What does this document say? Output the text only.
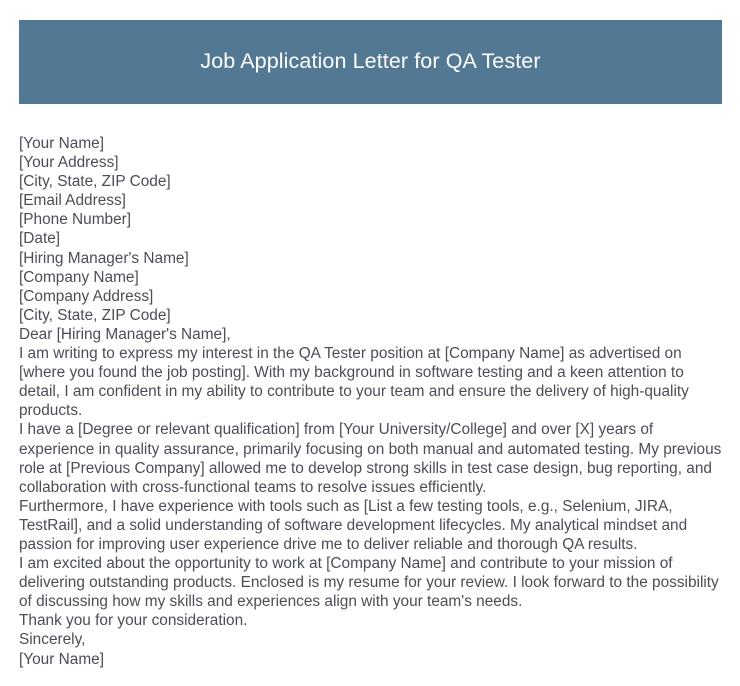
Job Application Letter for QA Tester
[Your Name]
[Your Address]
[City, State, ZIP Code]
[Email Address]
[Phone Number]
[Date]
[Hiring Manager's Name]
[Company Name]
[Company Address]
[City, State, ZIP Code]
Dear [Hiring Manager's Name],

I am writing to express my interest in the QA Tester position at [Company Name] as advertised on [where you found the job posting]. With my background in software testing and a keen attention to detail, I am confident in my ability to contribute to your team and ensure the delivery of high-quality products.

I have a [Degree or relevant qualification] from [Your University/College] and over [X] years of experience in quality assurance, primarily focusing on both manual and automated testing. My previous role at [Previous Company] allowed me to develop strong skills in test case design, bug reporting, and collaboration with cross-functional teams to resolve issues efficiently.

Furthermore, I have experience with tools such as [List a few testing tools, e.g., Selenium, JIRA, TestRail], and a solid understanding of software development lifecycles. My analytical mindset and passion for improving user experience drive me to deliver reliable and thorough QA results.

I am excited about the opportunity to work at [Company Name] and contribute to your mission of delivering outstanding products. Enclosed is my resume for your review. I look forward to the possibility of discussing how my skills and experiences align with your team's needs.

Thank you for your consideration.
Sincerely,
[Your Name]
